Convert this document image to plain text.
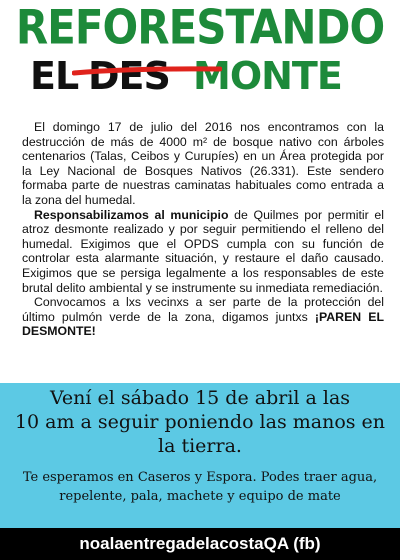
REFORESTANDO
EL DES MONTE

El domingo 17 de julio del 2016 nos encontramos con la destrucción de más de 4000 m² de bosque nativo con árboles centenarios (Talas, Ceibos y Curupíes) en un Área protegida por la Ley Nacional de Bosques Nativos (26.331). Este sendero formaba parte de nuestras caminatas habituales como entrada a la zona del humedal.

Responsabilizamos al municipio de Quilmes por permitir el atroz desmonte realizado y por seguir permitiendo el relleno del humedal. Exigimos que el OPDS cumpla con su función de controlar esta alarmante situación, y restaure el daño causado. Exigimos que se persiga legalmente a los responsables de este brutal delito ambiental y se instrumente su inmediata remediación.

Convocamos a lxs vecinxs a ser parte de la protección del último pulmón verde de la zona, digamos juntxs ¡PAREN EL DESMONTE!

Vení el sábado 15 de abril a las
10 am a seguir poniendo las manos en
la tierra.
Te esperamos en Caseros y Espora. Podes traer agua, repelente, pala, machete y equipo de mate
noalaentregadelacostaQA (fb)
